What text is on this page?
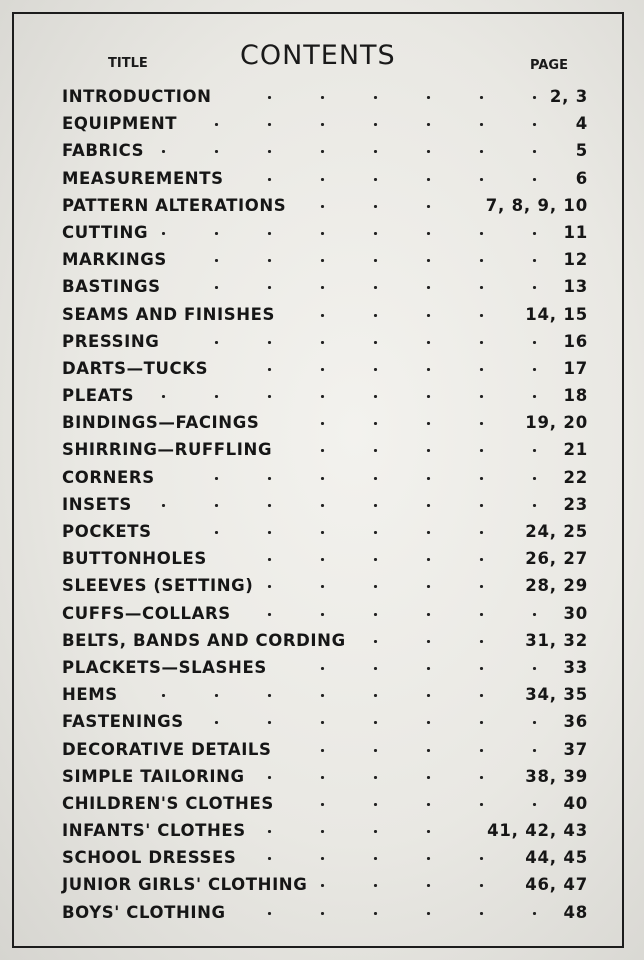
TITLE	CONTENTS	PAGE
INTRODUCTION	2, 3
EQUIPMENT	4
FABRICS	5
MEASUREMENTS	6
PATTERN ALTERATIONS	7, 8, 9, 10
CUTTING	11
MARKINGS	12
BASTINGS	13
SEAMS AND FINISHES	14, 15
PRESSING	16
DARTS—TUCKS	17
PLEATS	18
BINDINGS—FACINGS	19, 20
SHIRRING—RUFFLING	21
CORNERS	22
INSETS	23
POCKETS	24, 25
BUTTONHOLES	26, 27
SLEEVES (SETTING)	28, 29
CUFFS—COLLARS	30
BELTS, BANDS AND CORDING	31, 32
PLACKETS—SLASHES	33
HEMS	34, 35
FASTENINGS	36
DECORATIVE DETAILS	37
SIMPLE TAILORING	38, 39
CHILDREN'S CLOTHES	40
INFANTS' CLOTHES	41, 42, 43
SCHOOL DRESSES	44, 45
JUNIOR GIRLS' CLOTHING	46, 47
BOYS' CLOTHING	48
